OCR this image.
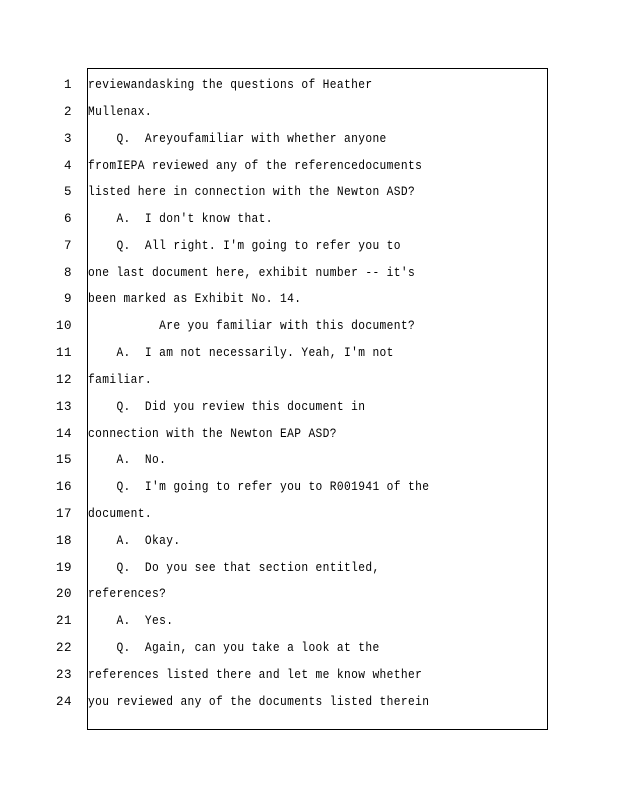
1 reviewandasking the questions of Heather
2 Mullenax.
3 Q.  Areyoufamiliar with whether anyone
4 fromIEPA reviewed any of the referencedocuments
5 listed here in connection with the Newton ASD?
6 A.  I don't know that.
7 Q.  All right. I'm going to refer you to
8 one last document here, exhibit number -- it's
9 been marked as Exhibit No. 14.
10 Are you familiar with this document?
11 A.  I am not necessarily. Yeah, I'm not
12 familiar.
13 Q.  Did you review this document in
14 connection with the Newton EAP ASD?
15 A.  No.
16 Q.  I'm going to refer you to R001941 of the
17 document.
18 A.  Okay.
19 Q.  Do you see that section entitled,
20 references?
21 A.  Yes.
22 Q.  Again, can you take a look at the
23 references listed there and let me know whether
24 you reviewed any of the documents listed therein
